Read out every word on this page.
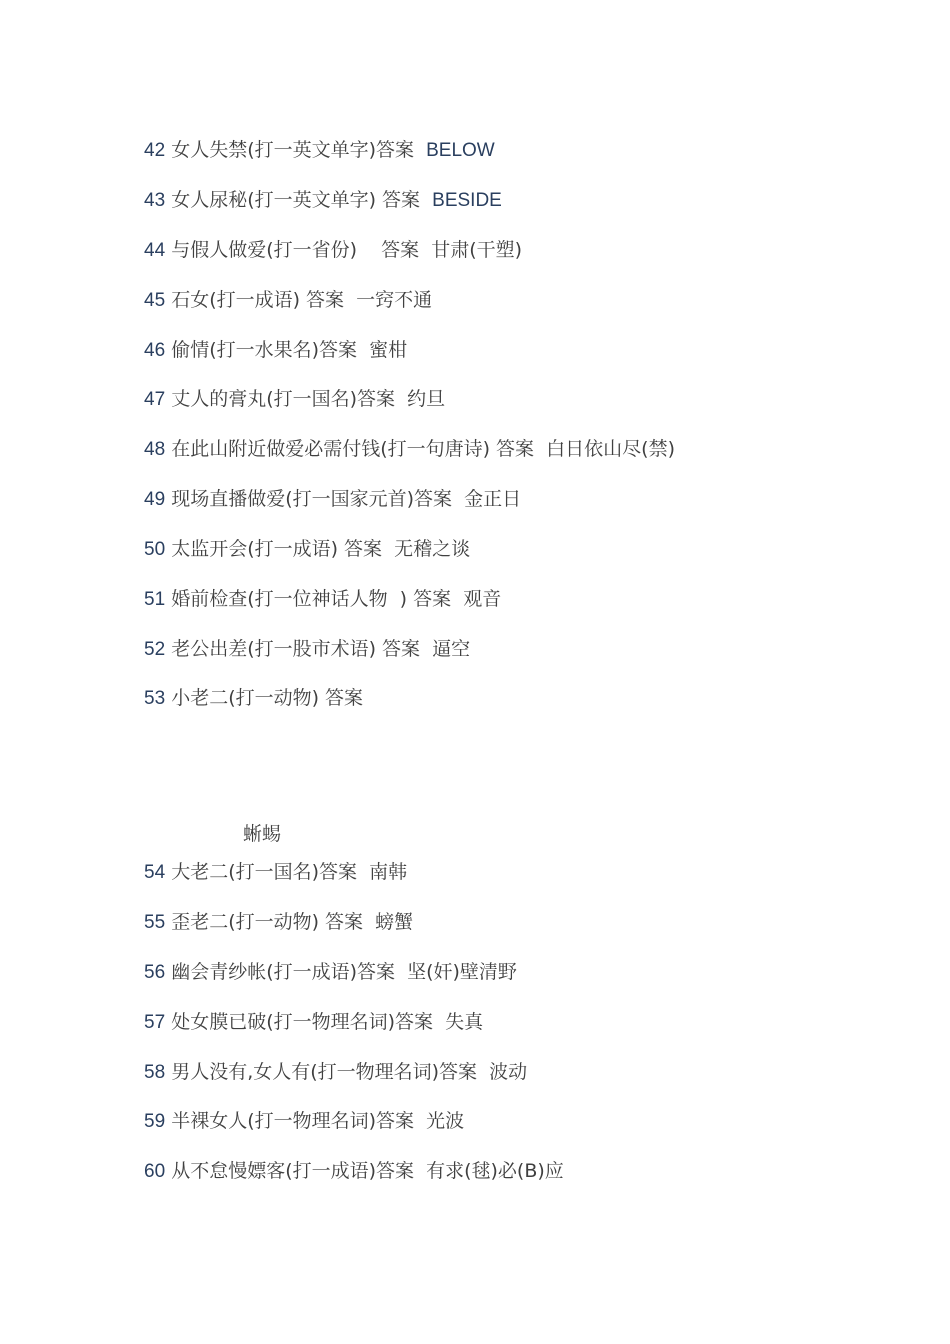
42 女人失禁(打一英文单字)答案 BELOW
43 女人尿秘(打一英文单字) 答案 BESIDE
44 与假人做爱(打一省份)    答案 甘肃(干塑)
45 石女(打一成语) 答案 一窍不通
46 偷情(打一水果名)答案 蜜柑
47 丈人的膏丸(打一国名)答案 约旦
48 在此山附近做爱必需付钱(打一句唐诗) 答案 白日依山尽(禁)
49 现场直播做爱(打一国家元首)答案 金正日
50 太监开会(打一成语) 答案 无稽之谈
51 婚前检查(打一位神话人物  ) 答案 观音
52 老公出差(打一股市术语) 答案 逼空
53 小老二(打一动物) 答案
蜥蜴
54 大老二(打一国名)答案 南韩
55 歪老二(打一动物) 答案 螃蟹
56 幽会青纱帐(打一成语)答案 坚(奸)壁清野
57 处女膜已破(打一物理名词)答案 失真
58 男人没有,女人有(打一物理名词)答案 波动
59 半裸女人(打一物理名词)答案 光波
60 从不怠慢嫖客(打一成语)答案 有求(毬)必(B)应
